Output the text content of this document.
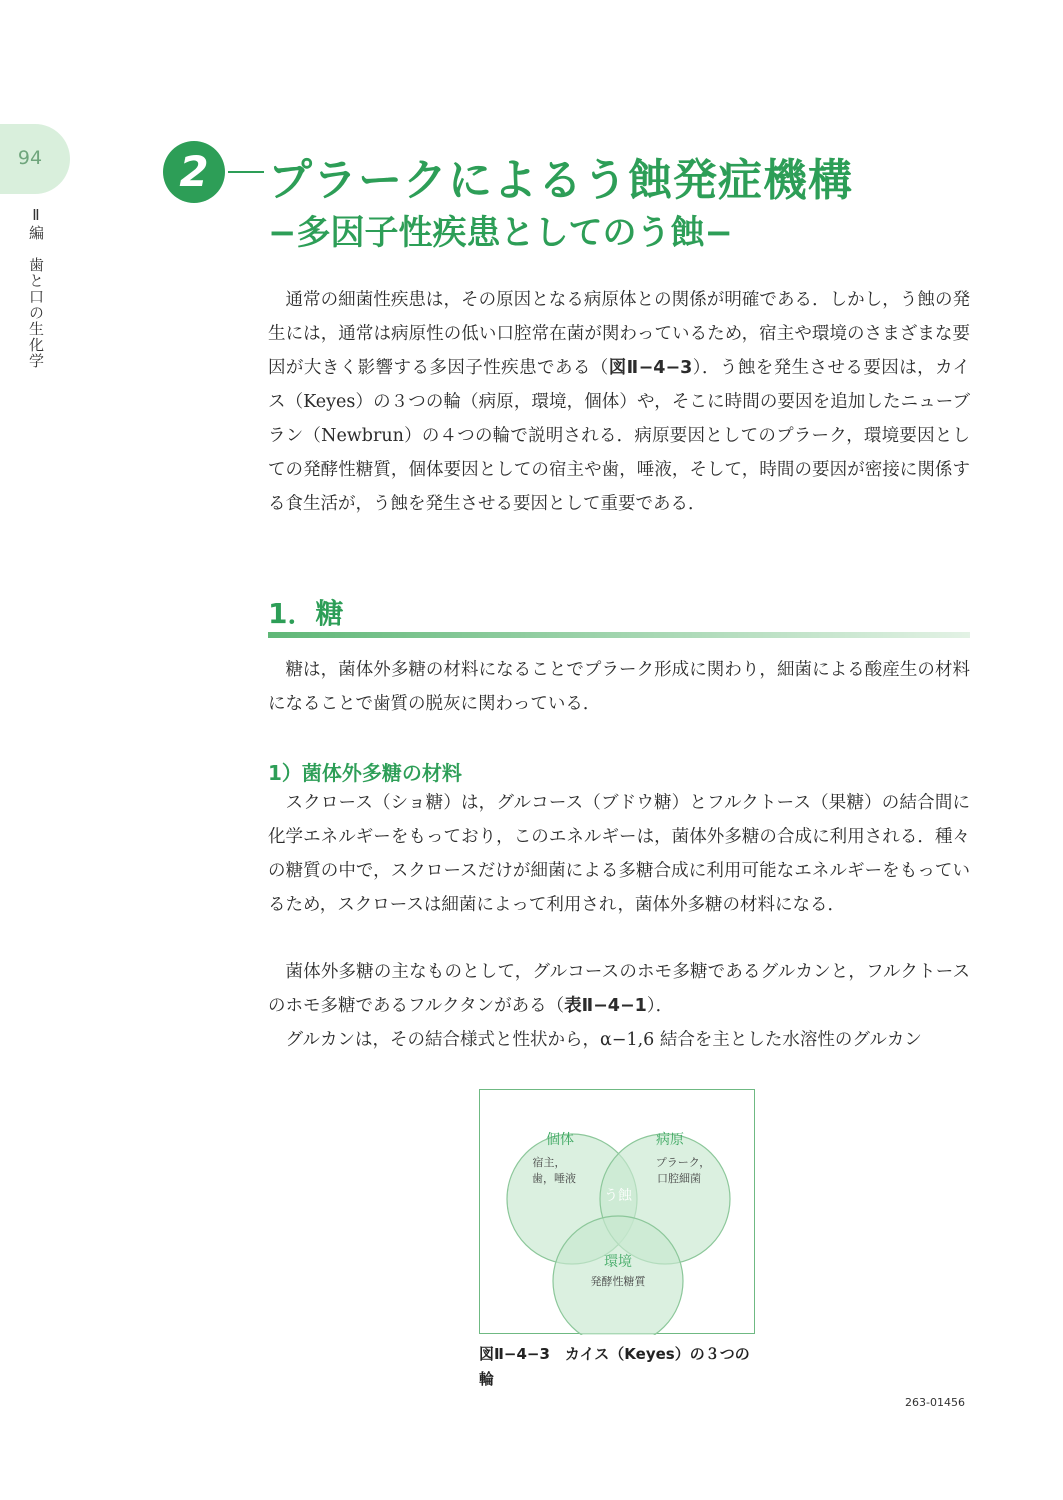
94
Ⅱ編歯と口の生化学
2	プラークによるう蝕発症機構
−多因子性疾患としてのう蝕−

通常の細菌性疾患は，その原因となる病原体との関係が明確である．しかし，う蝕の発生には，通常は病原性の低い口腔常在菌が関わっているため，宿主や環境のさまざまな要因が大きく影響する多因子性疾患である（図Ⅱ−4−3）．う蝕を発生させる要因は，カイス（Keyes）の３つの輪（病原，環境，個体）や，そこに時間の要因を追加したニューブラン（Newbrun）の４つの輪で説明される．病原要因としてのプラーク，環境要因としての発酵性糖質，個体要因としての宿主や歯，唾液，そして，時間の要因が密接に関係する食生活が，う蝕を発生させる要因として重要である．

1．糖

糖は，菌体外多糖の材料になることでプラーク形成に関わり，細菌による酸産生の材料になることで歯質の脱灰に関わっている．

1）菌体外多糖の材料

スクロース（ショ糖）は，グルコース（ブドウ糖）とフルクトース（果糖）の結合間に化学エネルギーをもっており，このエネルギーは，菌体外多糖の合成に利用される．種々の糖質の中で，スクロースだけが細菌による多糖合成に利用可能なエネルギーをもっているため，スクロースは細菌によって利用され，菌体外多糖の材料になる．

菌体外多糖の主なものとして，グルコースのホモ多糖であるグルカンと，フルクトースのホモ多糖であるフルクタンがある（表Ⅱ−4−1）．

グルカンは，その結合様式と性状から，α−1,6 結合を主とした水溶性のグルカン

個体
宿主，
歯，唾液
病原
プラーク，
口腔細菌
う蝕
環境
発酵性糖質
図Ⅱ−4−3　カイス（Keyes）の３つの
輪
263-01456
